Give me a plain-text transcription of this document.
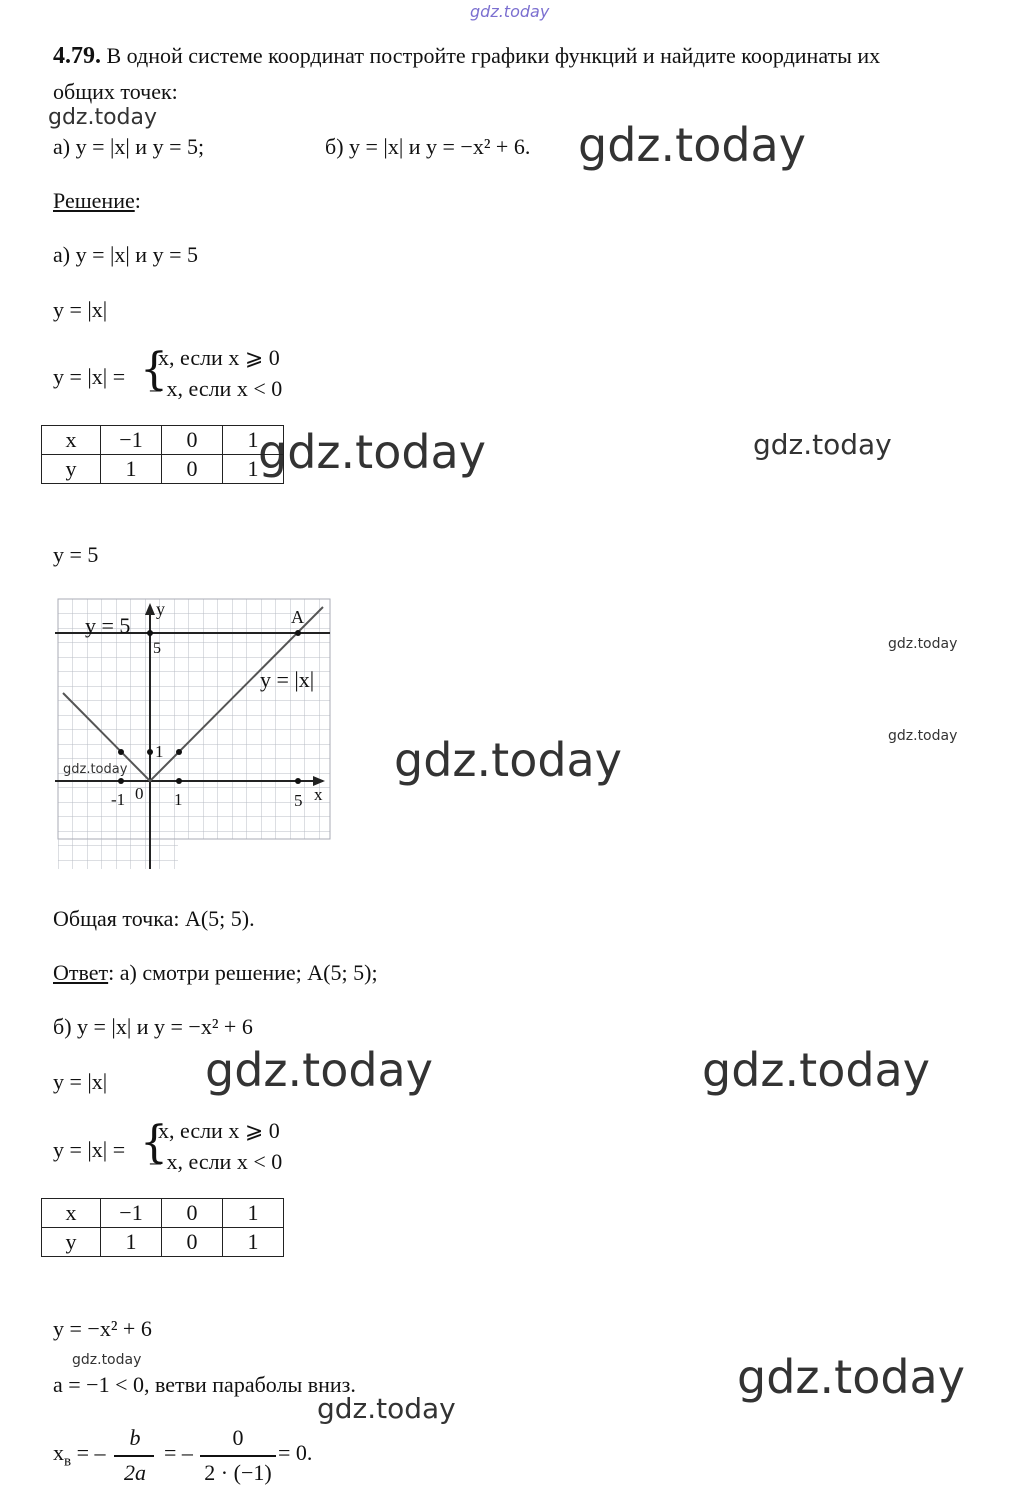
gdz.today
gdz.today
gdz.today
gdz.today	gdz.today
gdz.today
gdz.today
gdz.today
gdz.today	gdz.today
gdz.today	gdz.today
gdz.today
4.79. В одной системе координат постройте графики функций и найдите координаты их
общих точек:
а) y = |x| и y = 5;	б) y = |x| и y = −x² + 6.
Решение:
а) y = |x| и y = 5
y = |x|
y = |x| = {
x, если x ⩾ 0
– x, если x < 0
x	−1	0	1
y	1	0	1
y = 5
y = 5
y	A
5
y = |x|
1
-1 0 1	5 x
gdz.today
Общая точка: A(5; 5).
Ответ: а) смотри решение; A(5; 5);
б) y = |x| и y = −x² + 6
y = |x|
y = |x| = {
x, если x ⩾ 0
– x, если x < 0
x	−1	0	1
y	1	0	1
y = −x² + 6
a = −1 < 0, ветви параболы вниз.
$x_в$ = –
b
2a
= –
0
2 · (−1)
= 0.
